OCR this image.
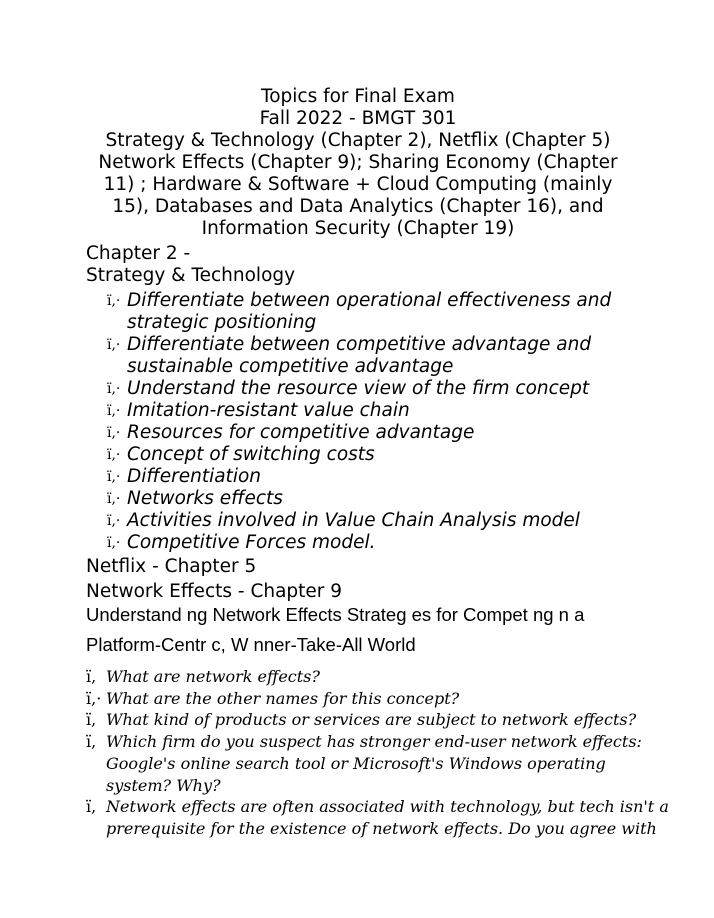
Topics for Final Exam
Fall 2022 - BMGT 301
Strategy & Technology (Chapter 2), Netflix (Chapter 5)
Network Effects (Chapter 9); Sharing Economy (Chapter
11) ; Hardware & Software + Cloud Computing (mainly
15), Databases and Data Analytics (Chapter 16), and
Information Security (Chapter 19)
Chapter 2 -
Strategy & Technology
ï,· Differentiate between operational effectiveness and
strategic positioning
ï,· Differentiate between competitive advantage and
sustainable competitive advantage
ï,· Understand the resource view of the firm concept
ï,· Imitation-resistant value chain
ï,· Resources for competitive advantage
ï,· Concept of switching costs
ï,· Differentiation
ï,· Networks effects
ï,· Activities involved in Value Chain Analysis model
ï,· Competitive Forces model.
Netflix - Chapter 5
Network Effects - Chapter 9
Understand ng Network Effects Strateg es for Compet ng n a
Platform-Centr c, W nner-Take-All World
ï, What are network effects?
ï,· What are the other names for this concept?
ï, What kind of products or services are subject to network effects?
ï, Which firm do you suspect has stronger end-user network effects:
Google's online search tool or Microsoft's Windows operating
system? Why?
ï, Network effects are often associated with technology, but tech isn't a
prerequisite for the existence of network effects. Do you agree with
